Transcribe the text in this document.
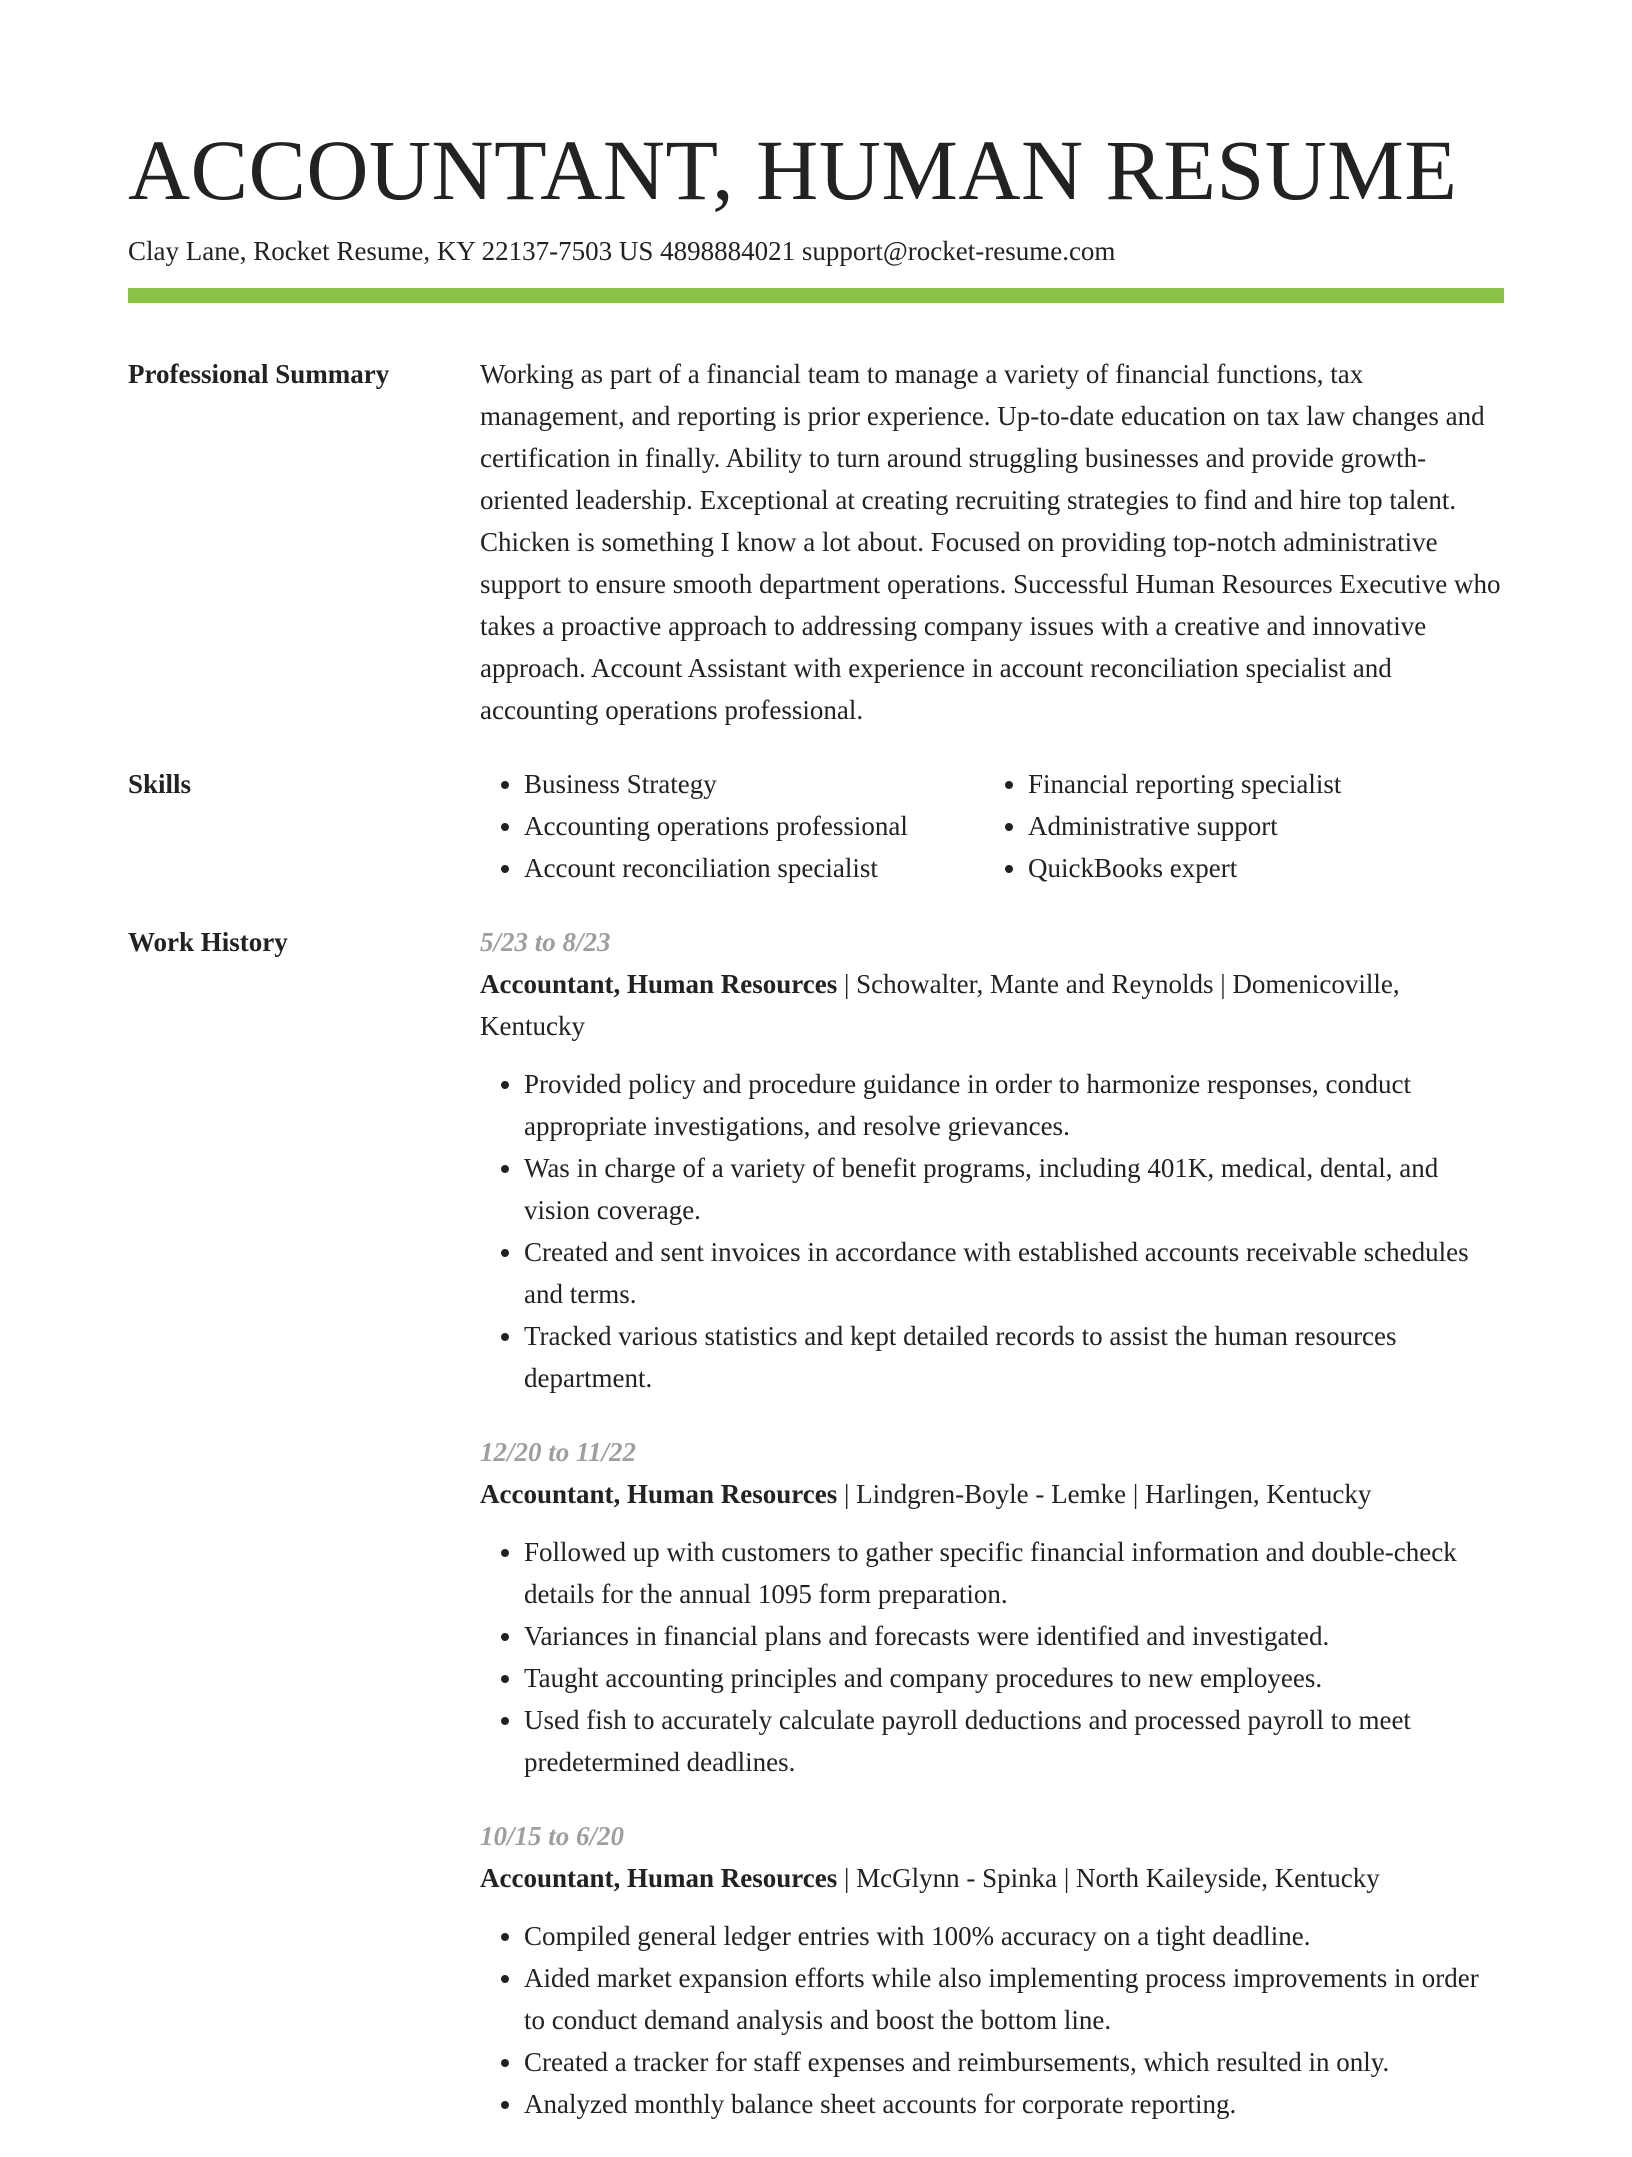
ACCOUNTANT, HUMAN RESUME
Clay Lane, Rocket Resume, KY 22137-7503 US 4898884021 support@rocket-resume.com
Professional Summary	Working as part of a financial team to manage a variety of financial functions, tax management, and reporting is prior experience. Up-to-date education on tax law changes and certification in finally. Ability to turn around struggling businesses and provide growth-oriented leadership. Exceptional at creating recruiting strategies to find and hire top talent. Chicken is something I know a lot about. Focused on providing top-notch administrative support to ensure smooth department operations. Successful Human Resources Executive who takes a proactive approach to addressing company issues with a creative and innovative approach. Account Assistant with experience in account reconciliation specialist and accounting operations professional.

Skills
•	Business Strategy
• Accounting operations professional
• Account reconciliation specialist
• Financial reporting specialist
• Administrative support
• QuickBooks expert
Work History	5/23 to 8/23
Accountant, Human Resources | Schowalter, Mante and Reynolds | Domenicoville, Kentucky
• Provided policy and procedure guidance in order to harmonize responses, conduct appropriate investigations, and resolve grievances.
• Was in charge of a variety of benefit programs, including 401K, medical, dental, and vision coverage.
• Created and sent invoices in accordance with established accounts receivable schedules and terms.
• Tracked various statistics and kept detailed records to assist the human resources department.
12/20 to 11/22
Accountant, Human Resources | Lindgren-Boyle - Lemke | Harlingen, Kentucky
• Followed up with customers to gather specific financial information and double-check details for the annual 1095 form preparation.
• Variances in financial plans and forecasts were identified and investigated.
• Taught accounting principles and company procedures to new employees.
• Used fish to accurately calculate payroll deductions and processed payroll to meet predetermined deadlines.
10/15 to 6/20
Accountant, Human Resources | McGlynn - Spinka | North Kaileyside, Kentucky
• Compiled general ledger entries with 100% accuracy on a tight deadline.
• Aided market expansion efforts while also implementing process improvements in order to conduct demand analysis and boost the bottom line.
• Created a tracker for staff expenses and reimbursements, which resulted in only.
• Analyzed monthly balance sheet accounts for corporate reporting.
